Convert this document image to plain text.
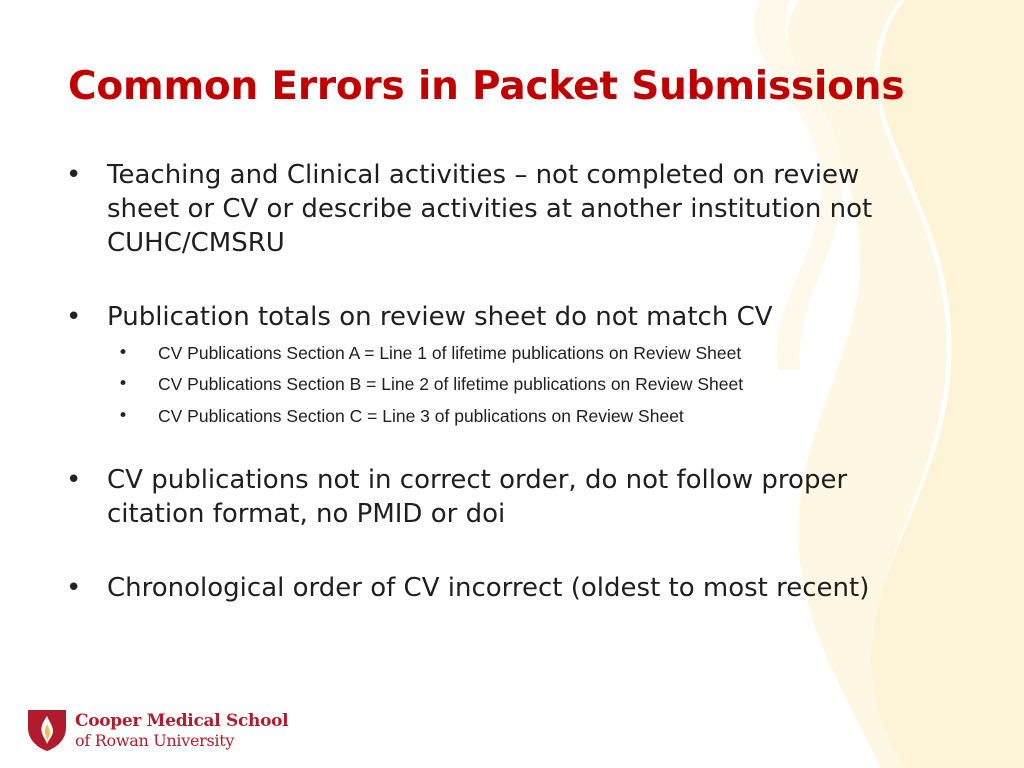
Common Errors in Packet Submissions
• Teaching and Clinical activities – not completed on review sheet or CV or describe activities at another institution not CUHC/CMSRU
• Publication totals on review sheet do not match CV
• CV Publications Section A = Line 1 of lifetime publications on Review Sheet
• CV Publications Section B = Line 2 of lifetime publications on Review Sheet
• CV Publications Section C = Line 3 of publications on Review Sheet
• CV publications not in correct order, do not follow proper citation format, no PMID or doi
• Chronological order of CV incorrect (oldest to most recent)
Cooper Medical School
of Rowan University
